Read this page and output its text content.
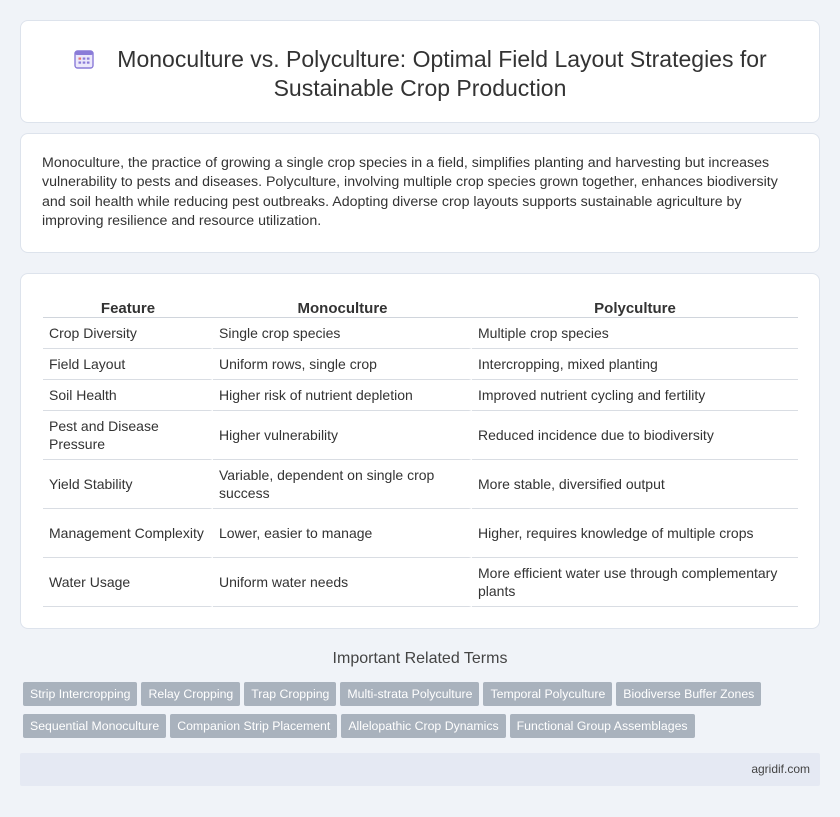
Monoculture vs. Polyculture: Optimal Field Layout Strategies for Sustainable Crop Production

Monoculture, the practice of growing a single crop species in a field, simplifies planting and harvesting but increases vulnerability to pests and diseases. Polyculture, involving multiple crop species grown together, enhances biodiversity and soil health while reducing pest outbreaks. Adopting diverse crop layouts supports sustainable agriculture by improving resilience and resource utilization.

Feature	Monoculture	Polyculture
Crop Diversity	Single crop species	Multiple crop species
Field Layout	Uniform rows, single crop	Intercropping, mixed planting
Soil Health	Higher risk of nutrient depletion	Improved nutrient cycling and fertility
Pest and Disease Pressure	Higher vulnerability	Reduced incidence due to biodiversity
Yield Stability	Variable, dependent on single crop success	More stable, diversified output
Management Complexity	Lower, easier to manage	Higher, requires knowledge of multiple crops
Water Usage	Uniform water needs	More efficient water use through complementary plants
Important Related Terms
Strip Intercropping Relay Cropping Trap Cropping Multi-strata Polyculture Temporal Polyculture Biodiverse Buffer Zones
Sequential Monoculture Companion Strip Placement Allelopathic Crop Dynamics Functional Group Assemblages
agridif.com
